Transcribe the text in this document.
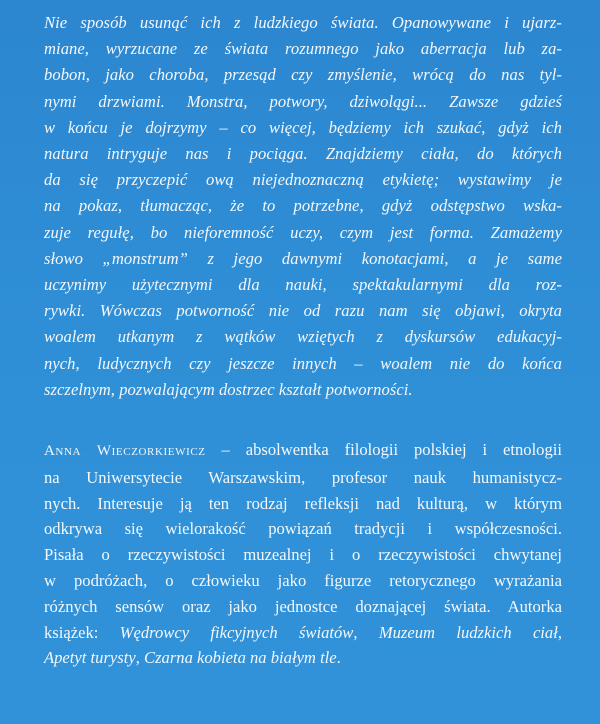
Nie sposób usunąć ich z ludzkiego świata. Opanowywane i ujarz-
miane, wyrzucane ze świata rozumnego jako aberracja lub za-
bobon, jako choroba, przesąd czy zmyślenie, wrócą do nas tyl-
nymi drzwiami. Monstra, potwory, dziwolągi... Zawsze gdzieś
w końcu je dojrzymy – co więcej, będziemy ich szukać, gdyż ich
natura intryguje nas i pociąga. Znajdziemy ciała, do których
da się przyczepić ową niejednoznaczną etykietę; wystawimy je
na pokaz, tłumacząc, że to potrzebne, gdyż odstępstwo wska-
zuje regułę, bo nieforemność uczy, czym jest forma. Zamażemy
słowo „monstrum” z jego dawnymi konotacjami, a je same
uczynimy użytecznymi dla nauki, spektakularnymi dla roz-
rywki. Wówczas potworność nie od razu nam się objawi, okryta
woalem utkanym z wątków wziętych z dyskursów edukacyj-
nych, ludycznych czy jeszcze innych – woalem nie do końca
szczelnym, pozwalającym dostrzec kształt potworności.

Anna Wieczorkiewicz – absolwentka filologii polskiej i etnologii
na Uniwersytecie Warszawskim, profesor nauk humanistycz-
nych. Interesuje ją ten rodzaj refleksji nad kulturą, w którym
odkrywa się wielorakość powiązań tradycji i współczesności.
Pisała o rzeczywistości muzealnej i o rzeczywistości chwytanej
w podróżach, o człowieku jako figurze retorycznego wyrażania
różnych sensów oraz jako jednostce doznającej świata. Autorka
książek: Wędrowcy fikcyjnych światów, Muzeum ludzkich ciał,
Apetyt turysty, Czarna kobieta na białym tle.
